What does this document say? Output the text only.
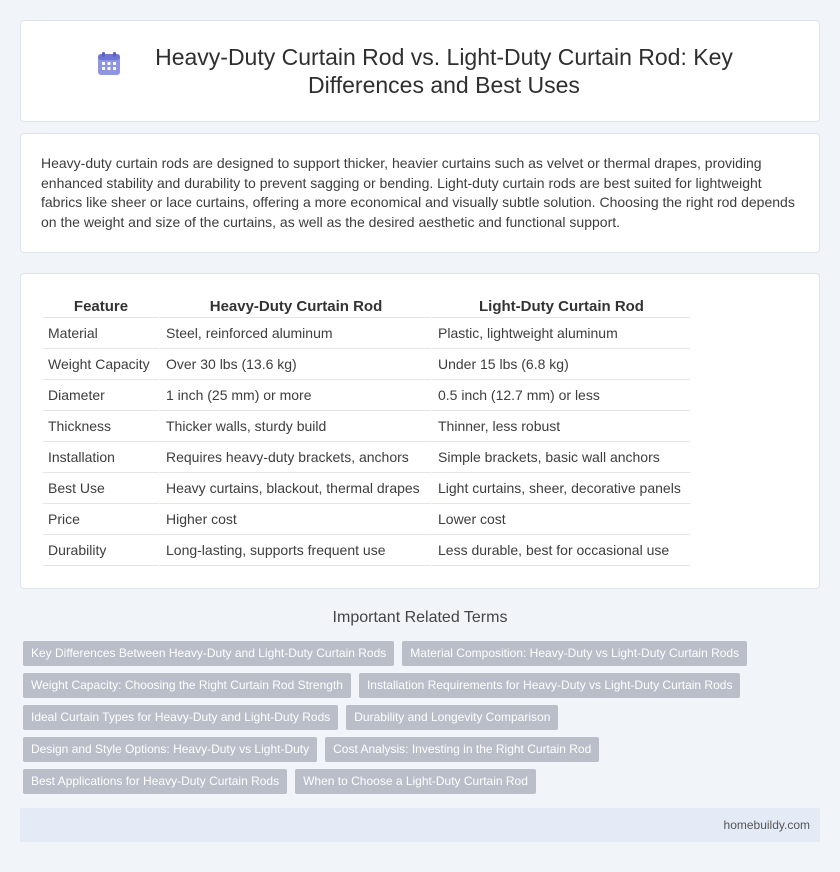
Heavy-Duty Curtain Rod vs. Light-Duty Curtain Rod: Key Differences and Best Uses

Heavy-duty curtain rods are designed to support thicker, heavier curtains such as velvet or thermal drapes, providing enhanced stability and durability to prevent sagging or bending. Light-duty curtain rods are best suited for lightweight fabrics like sheer or lace curtains, offering a more economical and visually subtle solution. Choosing the right rod depends on the weight and size of the curtains, as well as the desired aesthetic and functional support.

Feature	Heavy-Duty Curtain Rod	Light-Duty Curtain Rod
Material	Steel, reinforced aluminum	Plastic, lightweight aluminum
Weight Capacity	Over 30 lbs (13.6 kg)	Under 15 lbs (6.8 kg)
Diameter	1 inch (25 mm) or more	0.5 inch (12.7 mm) or less
Thickness	Thicker walls, sturdy build	Thinner, less robust
Installation	Requires heavy-duty brackets, anchors	Simple brackets, basic wall anchors
Best Use	Heavy curtains, blackout, thermal drapes	Light curtains, sheer, decorative panels
Price	Higher cost	Lower cost
Durability	Long-lasting, supports frequent use	Less durable, best for occasional use
Important Related Terms
Key Differences Between Heavy-Duty and Light-Duty Curtain Rods	Material Composition: Heavy-Duty vs Light-Duty Curtain Rods
Weight Capacity: Choosing the Right Curtain Rod Strength	Installation Requirements for Heavy-Duty vs Light-Duty Curtain Rods
Ideal Curtain Types for Heavy-Duty and Light-Duty Rods	Durability and Longevity Comparison
Design and Style Options: Heavy-Duty vs Light-Duty	Cost Analysis: Investing in the Right Curtain Rod
Best Applications for Heavy-Duty Curtain Rods	When to Choose a Light-Duty Curtain Rod
homebuildy.com
